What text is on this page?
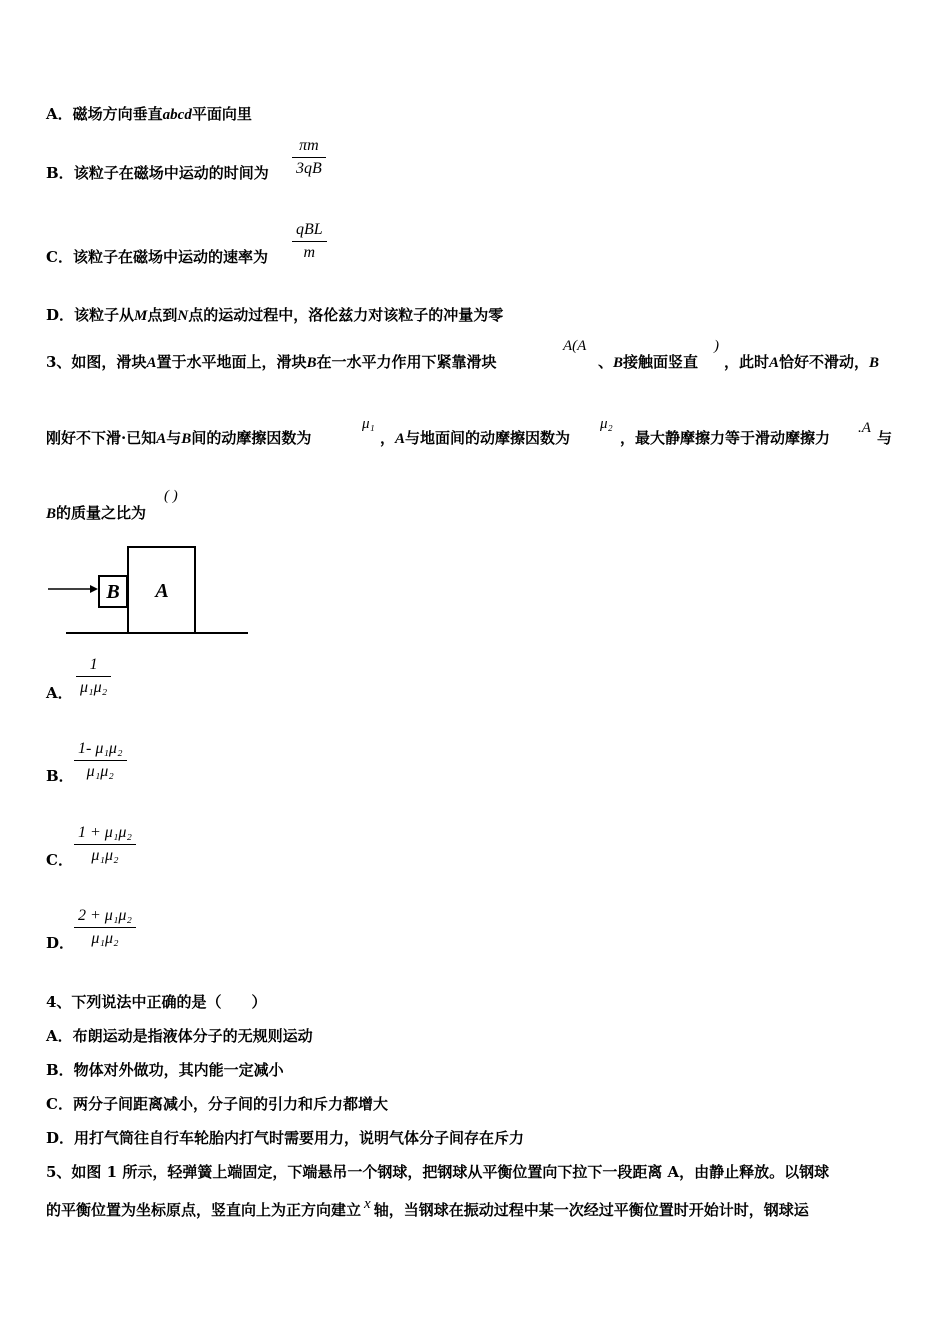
A．磁场方向垂直abcd平面向里
B．该粒子在磁场中运动的时间为
πm
3qB
C．该粒子在磁场中运动的速率为
qBL
m
D．该粒子从M点到N点的运动过程中，洛伦兹力对该粒子的冲量为零
3、如图，滑块A置于水平地面上，滑块B在一水平力作用下紧靠滑块
A(A
、B接触面竖直
)
，此时A恰好不滑动，B
刚好不下滑·已知A与B间的动摩擦因数为
μ₁
，A与地面间的动摩擦因数为
μ₂
，最大静摩擦力等于滑动摩擦力
.A
与
B的质量之比为
( )
A
B
A．
1
μ₁μ₂
B．
1- μ₁μ₂
μ₁μ₂
C．
1 + μ₁μ₂
μ₁μ₂
D．
2 + μ₁μ₂
μ₁μ₂
4、下列说法中正确的是（　　）
A．布朗运动是指液体分子的无规则运动
B．物体对外做功，其内能一定减小
C．两分子间距离减小，分子间的引力和斥力都增大
D．用打气筒往自行车轮胎内打气时需要用力，说明气体分子间存在斥力
5、如图 1 所示，轻弹簧上端固定，下端悬吊一个钢球，把钢球从平衡位置向下拉下一段距离 A，由静止释放。以钢球
的平衡位置为坐标原点，竖直向上为正方向建立 x 轴，当钢球在振动过程中某一次经过平衡位置时开始计时，钢球运
